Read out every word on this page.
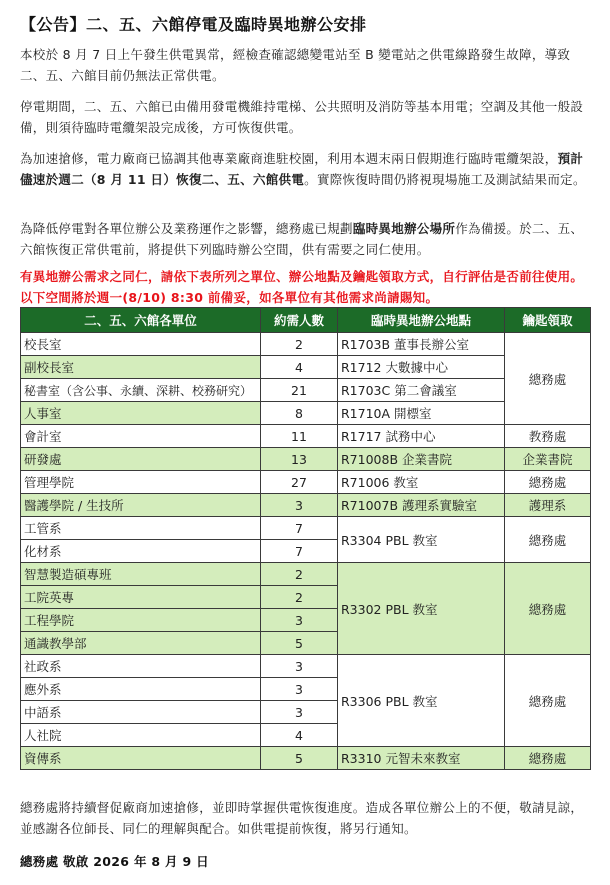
【公告】二、五、六館停電及臨時異地辦公安排
本校於 8 月 7 日上午發生供電異常，經檢查確認總變電站至 B 變電站之供電線路發生故障，導致二、五、六館目前仍無法正常供電。
停電期間，二、五、六館已由備用發電機維持電梯、公共照明及消防等基本用電；空調及其他一般設備，則須待臨時電纜架設完成後，方可恢復供電。
為加速搶修，電力廠商已協調其他專業廠商進駐校園，利用本週末兩日假期進行臨時電纜架設，預計儘速於週二（8 月 11 日）恢復二、五、六館供電。實際恢復時間仍將視現場施工及測試結果而定。
為降低停電對各單位辦公及業務運作之影響，總務處已規劃臨時異地辦公場所作為備援。於二、五、六館恢復正常供電前，將提供下列臨時辦公空間，供有需要之同仁使用。
有異地辦公需求之同仁，請依下表所列之單位、辦公地點及鑰匙領取方式，自行評估是否前往使用。以下空間將於週一(8/10) 8:30 前備妥，如各單位有其他需求尚請賜知。
二、五、六館各單位	約需人數	臨時異地辦公地點	鑰匙領取
校長室	2	R1703B 董事長辦公室	總務處
副校長室	4	R1712 大數據中心	
秘書室（含公事、永續、深耕、校務研究）	21	R1703C 第二會議室	
人事室	8	R1710A 開標室	
會計室	11	R1717 試務中心	教務處
研發處	13	R71008B 企業書院	企業書院
管理學院	27	R71006 教室	總務處
醫護學院 / 生技所	3	R71007B 護理系實驗室	護理系
工管系	7	R3304 PBL 教室	總務處
化材系	7		
智慧製造碩專班	2	R3302 PBL 教室	總務處
工院英專	2		
工程學院	3		
通識教學部	5		
社政系	3	R3306 PBL 教室	總務處
應外系	3		
中語系	3		
人社院	4		
資傳系	5	R3310 元智未來教室	總務處
總務處將持續督促廠商加速搶修，並即時掌握供電恢復進度。造成各單位辦公上的不便，敬請見諒，並感謝各位師長、同仁的理解與配合。如供電提前恢復，將另行通知。
總務處 敬啟 2026 年 8 月 9 日
